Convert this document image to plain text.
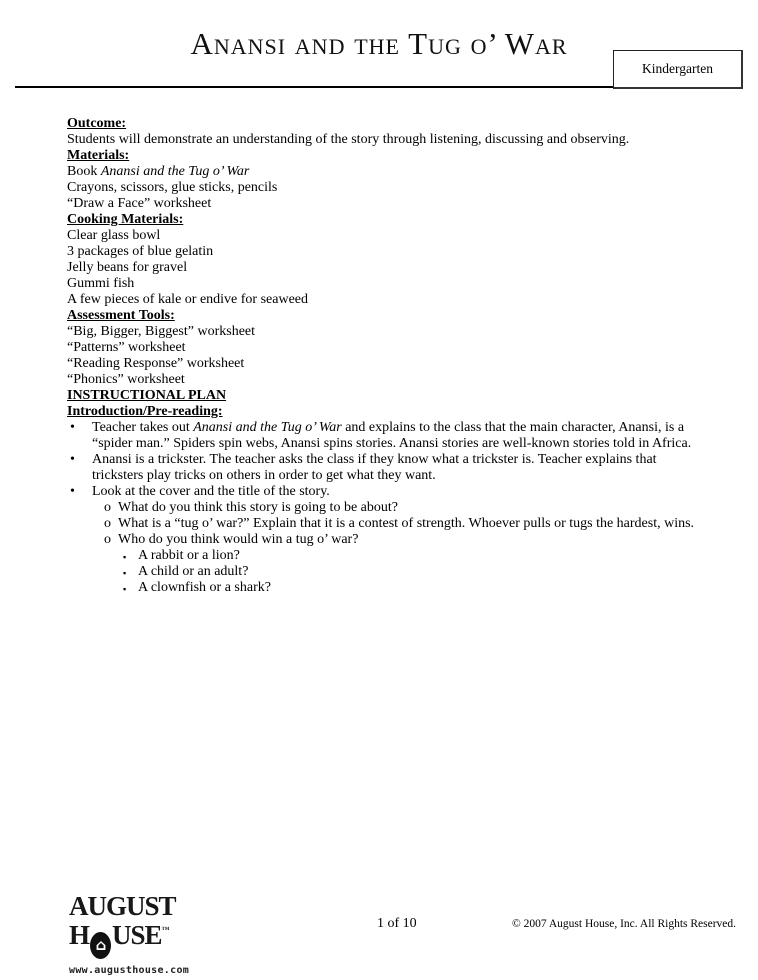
Anansi and the Tug o’ War
Kindergarten

Outcome:

Students will demonstrate an understanding of the story through listening, discussing and observing.

Materials:

Book Anansi and the Tug o’ War

Crayons, scissors, glue sticks, pencils

“Draw a Face” worksheet

Cooking Materials:

Clear glass bowl

3 packages of blue gelatin

Jelly beans for gravel

Gummi fish

A few pieces of kale or endive for seaweed

Assessment Tools:

“Big, Bigger, Biggest” worksheet

“Patterns” worksheet

“Reading Response” worksheet

“Phonics” worksheet

INSTRUCTIONAL PLAN

Introduction/Pre-reading:

• Teacher takes out Anansi and the Tug o’ War and explains to the class that the main character, Anansi, is a “spider man.” Spiders spin webs, Anansi spins stories. Anansi stories are well-known stories told in Africa.
• Anansi is a trickster. The teacher asks the class if they know what a trickster is. Teacher explains that tricksters play tricks on others in order to get what they want.
• Look at the cover and the title of the story.
o What do you think this story is going to be about?
o What is a “tug o’ war?” Explain that it is a contest of strength. Whoever pulls or tugs the hardest, wins.
o Who do you think would win a tug o’ war?
▪ A rabbit or a lion?
▪ A child or an adult?
▪ A clownfish or a shark?
AUGUST
H ⌂ USE™
www.augusthouse.com
1 of 10	© 2007 August House, Inc. All Rights Reserved.
